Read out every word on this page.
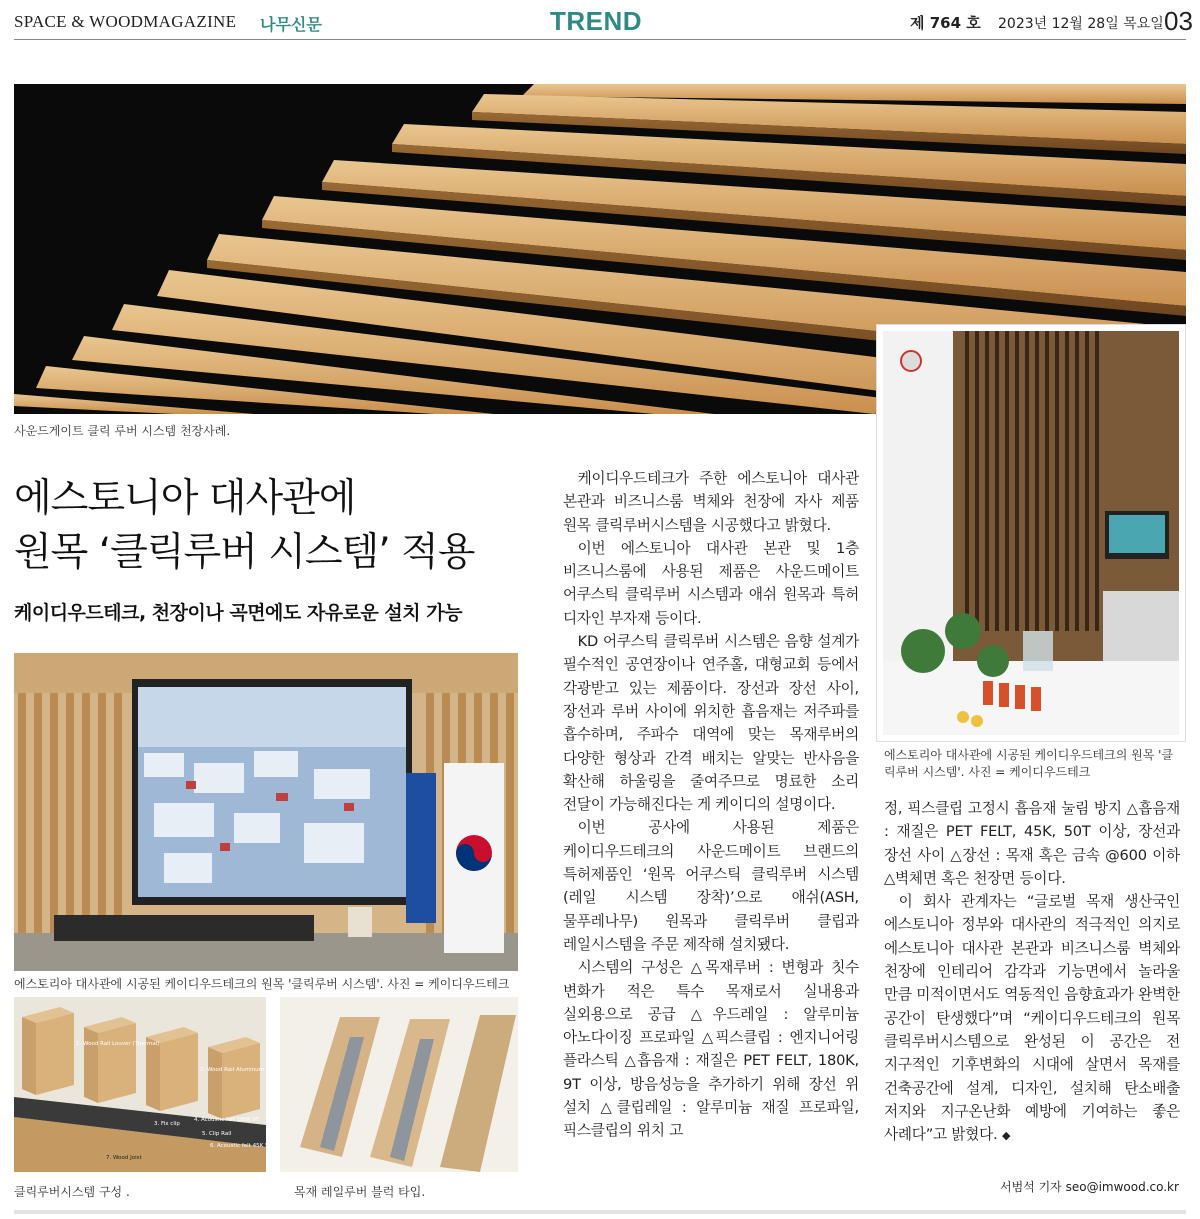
SPACE & WOODMAGAZINE 나무신문	TREND	제 764 호 2023년 12월 28일 목요일 03
사운드게이트 클릭 루버 시스템 천장사례.
에스토니아 대사관에
원목 ‘클릭루버 시스템’ 적용
케이디우드테크, 천장이나 곡면에도 자유로운 설치 가능
에스토리아 대사관에 시공된 케이디우드테크의 원목 '클릭루버 시스템'. 사진 = 케이디우드테크
1. Wood Rail Louver (Thermal)
2. Wood Rail Aluminum
3. Fix clip
4. Acoustic felt 180K 9T
5. Clip Rail
6. Acoustic felt 45K 50T
7. Wood Joist
클릭루버시스템 구성 .	목재 레일루버 블럭 타입.
에스토리아 대사관에 시공된 케이디우드테크의 원목 '클릭루버 시스템'. 사진 = 케이디우드테크

케이디우드테크가 주한 에스토니아 대사관 본관과 비즈니스룸 벽체와 천장에 자사 제품 원목 클릭루버시스템을 시공했다고 밝혔다.

이번 에스토니아 대사관 본관 및 1층 비즈니스룸에 사용된 제품은 사운드메이트 어쿠스틱 클릭루버 시스템과 애쉬 원목과 특허 디자인 부자재 등이다.

KD 어쿠스틱 클릭루버 시스템은 음향 설계가 필수적인 공연장이나 연주홀, 대형교회 등에서 각광받고 있는 제품이다. 장선과 장선 사이, 장선과 루버 사이에 위치한 흡음재는 저주파를 흡수하며, 주파수 대역에 맞는 목재루버의 다양한 형상과 간격 배치는 알맞는 반사음을 확산해 하울링을 줄여주므로 명료한 소리 전달이 가능해진다는 게 케이디의 설명이다.

이번 공사에 사용된 제품은 케이디우드테크의 사운드메이트 브랜드의 특허제품인 ‘원목 어쿠스틱 클릭루버 시스템(레일 시스템 장착)’으로 애쉬(ASH, 물푸레나무) 원목과 클릭루버 클립과 레일시스템을 주문 제작해 설치됐다.

시스템의 구성은 △목재루버 : 변형과 칫수 변화가 적은 특수 목재로서 실내용과 실외용으로 공급 △우드레일 : 알루미늄 아노다이징 프로파일 △픽스클립 : 엔지니어링 플라스틱 △흡음재 : 재질은 PET FELT, 180K, 9T 이상, 방음성능을 추가하기 위해 장선 위 설치 △클립레일 : 알루미늄 재질 프로파일, 픽스클립의 위치 고

정, 픽스클립 고정시 흡음재 눌림 방지 △흡음재 : 재질은 PET FELT, 45K, 50T 이상, 장선과 장선 사이 △장선 : 목재 혹은 금속 @600 이하 △벽체면 혹은 천장면 등이다.

이 회사 관계자는 “글로벌 목재 생산국인 에스토니아 정부와 대사관의 적극적인 의지로 에스토니아 대사관 본관과 비즈니스룸 벽체와 천장에 인테리어 감각과 기능면에서 놀라울 만큼 미적이면서도 역동적인 음향효과가 완벽한 공간이 탄생했다”며 “케이디우드테크의 원목 클릭루버시스템으로 완성된 이 공간은 전 지구적인 기후변화의 시대에 살면서 목재를 건축공간에 설계, 디자인, 설치해 탄소배출 저지와 지구온난화 예방에 기여하는 좋은 사례다”고 밝혔다. ◆

서범석 기자 seo@imwood.co.kr
